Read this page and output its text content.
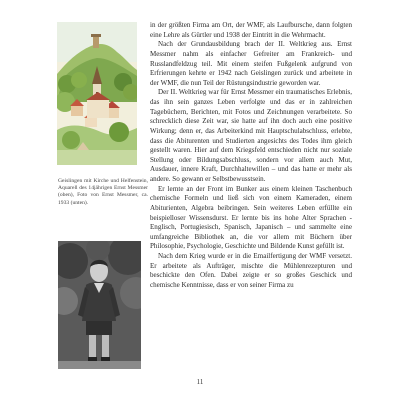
Geislingen mit Kirche und Helfenstein, Aquarell des 14jährigen Ernst Messmer (oben), Foto von Ernst Messmer, ca. 1933 (unten).

in der größten Firma am Ort, der WMF, als Laufbursche, dann folgten eine Lehre als Gürtler und 1938 der Eintritt in die Wehrmacht.

Nach der Grundausbildung brach der II. Weltkrieg aus. Ernst Messmer nahm als einfacher Gefreiter am Frankreich- und Russlandfeldzug teil. Mit einem steifen Fußgelenk aufgrund von Erfrierungen kehrte er 1942 nach Geislingen zurück und arbeitete in der WMF, die nun Teil der Rüstungsindustrie geworden war.

Der II. Weltkrieg war für Ernst Messmer ein traumatisches Erlebnis, das ihn sein ganzes Leben verfolgte und das er in zahlreichen Tagebüchern, Berichten, mit Fotos und Zeichnungen verarbeitete. So schrecklich diese Zeit war, sie hatte auf ihn doch auch eine positive Wirkung; denn er, das Arbeiterkind mit Hauptschulabschluss, erlebte, dass die Abiturenten und Studierten angesichts des Todes ihm gleich gestellt waren. Hier auf dem Kriegsfeld entschieden nicht nur soziale Stellung oder Bildungsabschluss, sondern vor allem auch Mut, Ausdauer, innere Kraft, Durchhaltewillen – und das hatte er mehr als andere. So gewann er Selbstbewusstsein.

Er lernte an der Front im Bunker aus einem kleinen Taschenbuch chemische Formeln und ließ sich von einem Kameraden, einem Abiturienten, Algebra beibringen. Sein weiteres Leben erfüllte ein beispielloser Wissensdurst. Er lernte bis ins hohe Alter Sprachen - Englisch, Portugiesisch, Spanisch, Japanisch – und sammelte eine umfangreiche Bibliothek an, die vor allem mit Büchern über Philosophie, Psychologie, Geschichte und Bildende Kunst gefüllt ist.

Nach dem Krieg wurde er in die Emailfertigung der WMF versetzt. Er arbeitete als Aufträger, mischte die Mühlenrezepturen und beschickte den Ofen. Dabei zeigte er so großes Geschick und chemische Kenntnisse, dass er von seiner Firma zu

11
